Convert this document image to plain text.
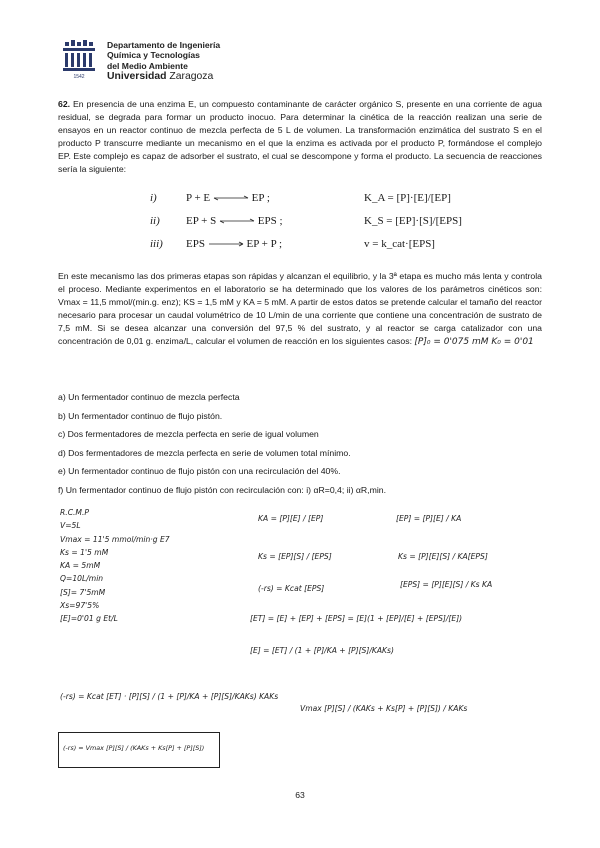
1542
Departamento de Ingeniería
Química y Tecnologías
del Medio Ambiente
Universidad Zaragoza
62. En presencia de una enzima E, un compuesto contaminante de carácter orgánico S, presente en una corriente de agua residual, se degrada para formar un producto inocuo. Para determinar la cinética de la reacción realizan una serie de ensayos en un reactor continuo de mezcla perfecta de 5 L de volumen. La transformación enzimática del sustrato S en el producto P transcurre mediante un mecanismo en el que la enzima es activada por el producto P, formándose el complejo EP. Este complejo es capaz de adsorber el sustrato, el cual se descompone y forma el producto. La secuencia de reacciones sería la siguiente:
i)	P + E	EP ;	K_A = [P]·[E]/[EP]
ii)	EP + S	EPS ;	K_S = [EP]·[S]/[EPS]
iii)	EPS	EP + P ;	v = k_cat·[EPS]
En este mecanismo las dos primeras etapas son rápidas y alcanzan el equilibrio, y la 3ª etapa es mucho más lenta y controla el proceso. Mediante experimentos en el laboratorio se ha determinado que los valores de los parámetros cinéticos son: Vmax = 11,5 mmol/(min.g. enz); KS = 1,5 mM y KA = 5 mM. A partir de estos datos se pretende calcular el tamaño del reactor necesario para procesar un caudal volumétrico de 10 L/min de una corriente que contiene una concentración de sustrato de 7,5 mM. Si se desea alcanzar una conversión del 97,5 % del sustrato, y al reactor se carga catalizador con una concentración de 0,01 g. enzima/L, calcular el volumen de reacción en los siguientes casos: [P]₀ = 0'075 mM K₀ = 0'01
a) Un fermentador continuo de mezcla perfecta
b) Un fermentador continuo de flujo pistón.
c) Dos fermentadores de mezcla perfecta en serie de igual volumen
d) Dos fermentadores de mezcla perfecta en serie de volumen total mínimo.
e) Un fermentador continuo de flujo pistón con una recirculación del 40%.
f) Un fermentador continuo de flujo pistón con recirculación con: i) αR=0,4; ii) αR,min.
R.C.M.P
V=5L
Vmax = 11'5 mmol/min·g E7
Ks = 1'5 mM
KA = 5mM
Q=10L/min
[S]= 7'5mM
Xs=97'5%
[E]=0'01 g Et/L
KA = [P][E] / [EP]	[EP] = [P][E] / KA
Ks = [EP][S] / [EPS]	Ks = [P][E][S] / KA[EPS]
[EPS] = [P][E][S] / Ks KA
(-rs) = Kcat [EPS]
[ET] = [E] + [EP] + [EPS] = [E](1 + [EP]/[E] + [EPS]/[E])
[E] = [ET] / (1 + [P]/KA + [P][S]/KAKs)
(-rs) = Kcat [ET] · [P][S] / (1 + [P]/KA + [P][S]/KAKs) KAKs
Vmax [P][S] / (KAKs + Ks[P] + [P][S]) / KAKs
(-rs) = Vmax [P][S] / (KAKs + Ks[P] + [P][S])
63
